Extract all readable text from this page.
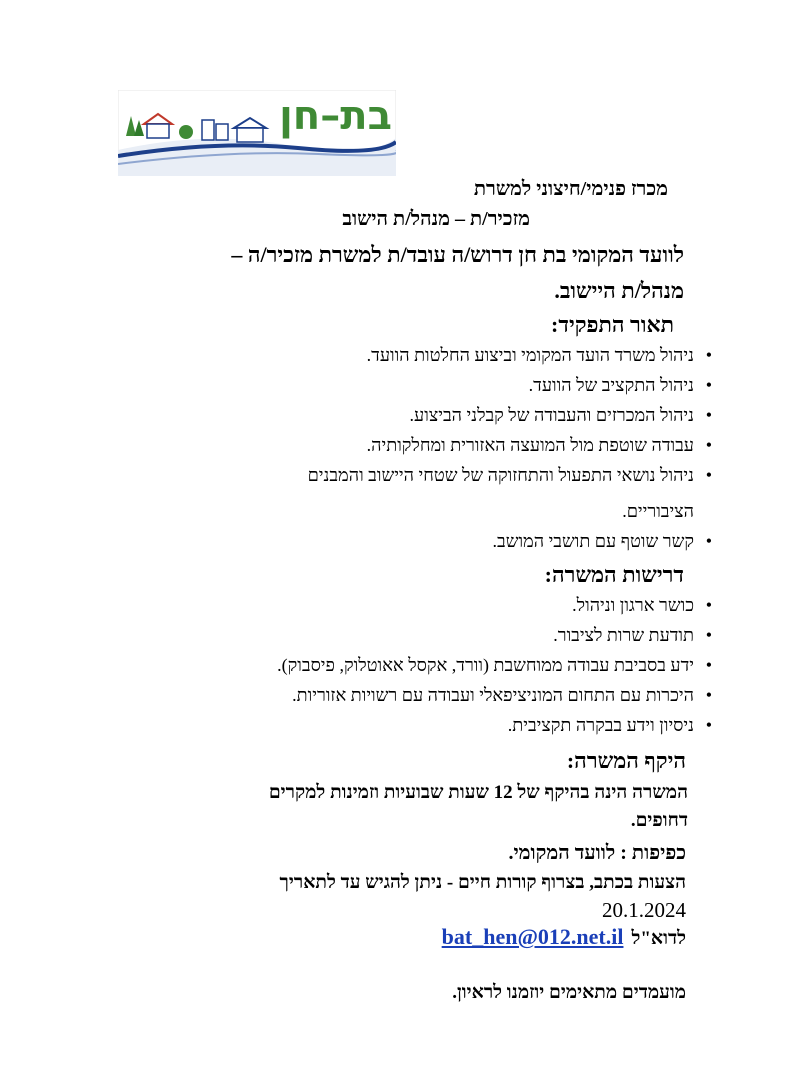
בת–חן
מכרז פנימי/חיצוני למשרת
מזכיר/ת – מנהל/ת הישוב
לוועד המקומי בת חן דרוש/ה עובד/ת למשרת מזכיר/ה –
מנהל/ת היישוב.
תאור התפקיד:
• ניהול משרד הועד המקומי וביצוע החלטות הוועד.
• ניהול התקציב של הוועד.
• ניהול המכרזים והעבודה של קבלני הביצוע.
• עבודה שוטפת מול המועצה האזורית ומחלקותיה.
• ניהול נושאי התפעול והתחזוקה של שטחי היישוב והמבנים
הציבוריים.
• קשר שוטף עם תושבי המושב.
דרישות המשרה:
• כושר ארגון וניהול.
• תודעת שרות לציבור.
• ידע בסביבת עבודה ממוחשבת (וורד, אקסל אאוטלוק, פיסבוק).
• היכרות עם התחום המוניציפאלי ועבודה עם רשויות אזוריות.
• ניסיון וידע בבקרה תקציבית.
היקף המשרה:
המשרה הינה בהיקף של 12 שעות שבועיות וזמינות למקרים
דחופים.
כפיפות : לוועד המקומי.
הצעות בכתב, בצרוף קורות חיים - ניתן להגיש עד לתאריך
20.1.2024
לדוא"ל bat_hen@012.net.il
מועמדים מתאימים יוזמנו לראיון.
